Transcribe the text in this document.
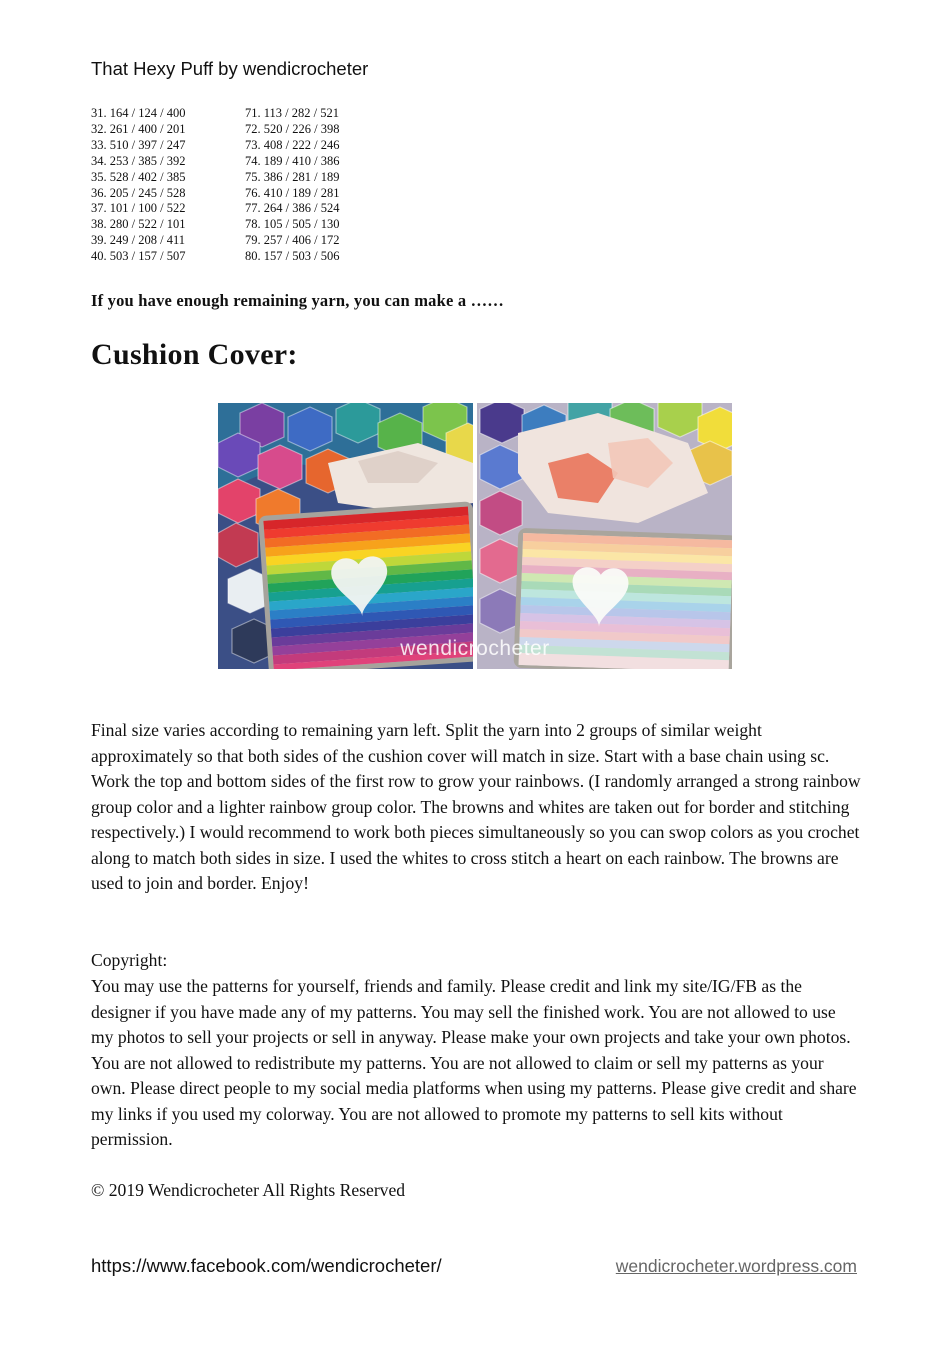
That Hexy Puff by wendicrocheter
31. 164 / 124 / 400
32. 261 / 400 / 201
33. 510 / 397 / 247
34. 253 / 385 / 392
35. 528 / 402 / 385
36. 205 / 245 / 528
37. 101 / 100 / 522
38. 280 / 522 / 101
39. 249 / 208 / 411
40. 503 / 157 / 507
71. 113 / 282 / 521
72. 520 / 226 / 398
73. 408 / 222 / 246
74. 189 / 410 / 386
75. 386 / 281 / 189
76. 410 / 189 / 281
77. 264 / 386 / 524
78. 105 / 505 / 130
79. 257 / 406 / 172
80. 157 / 503 / 506
If you have enough remaining yarn, you can make a ……
Cushion Cover:
wendicrocheter
Final size varies according to remaining yarn left. Split the yarn into 2 groups of similar weight approximately so that both sides of the cushion cover will match in size. Start with a base chain using sc. Work the top and bottom sides of the first row to grow your rainbows. (I randomly arranged a strong rainbow group color and a lighter rainbow group color. The browns and whites are taken out for border and stitching respectively.) I would recommend to work both pieces simultaneously so you can swop colors as you crochet along to match both sides in size. I used the whites to cross stitch a heart on each rainbow. The browns are used to join and border. Enjoy!
Copyright:
You may use the patterns for yourself, friends and family. Please credit and link my site/IG/FB as the designer if you have made any of my patterns. You may sell the finished work. You are not allowed to use my photos to sell your projects or sell in anyway. Please make your own projects and take your own photos. You are not allowed to redistribute my patterns. You are not allowed to claim or sell my patterns as your own. Please direct people to my social media platforms when using my patterns. Please give credit and share my links if you used my colorway. You are not allowed to promote my patterns to sell kits without permission.
© 2019 Wendicrocheter All Rights Reserved
https://www.facebook.com/wendicrocheter/	wendicrocheter.wordpress.com
